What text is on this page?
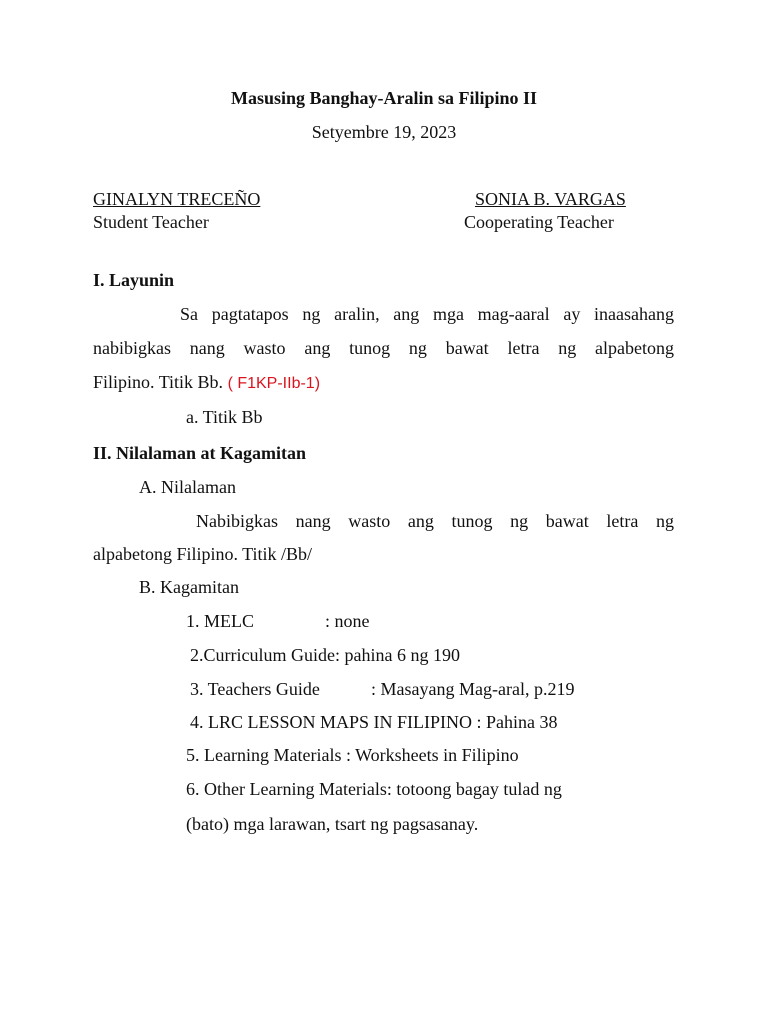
Masusing Banghay-Aralin sa Filipino II
Setyembre 19, 2023
GINALYN TRECEÑO
Student Teacher
SONIA B. VARGAS
Cooperating Teacher
I. Layunin
Sa pagtatapos ng aralin, ang mga mag-aaral ay inaasahang
nabibigkas nang wasto ang tunog ng bawat letra ng alpabetong
Filipino. Titik Bb. ( F1KP-IIb-1)
a. Titik Bb
II. Nilalaman at Kagamitan
A. Nilalaman
Nabibigkas nang wasto ang tunog ng bawat letra ng
alpabetong Filipino. Titik /Bb/
B. Kagamitan
1. MELC	: none
2.Curriculum Guide: pahina 6 ng 190
3. Teachers Guide	: Masayang Mag-aral, p.219
4. LRC LESSON MAPS IN FILIPINO : Pahina 38
5. Learning Materials : Worksheets in Filipino
6. Other Learning Materials: totoong bagay tulad ng
(bato) mga larawan, tsart ng pagsasanay.
